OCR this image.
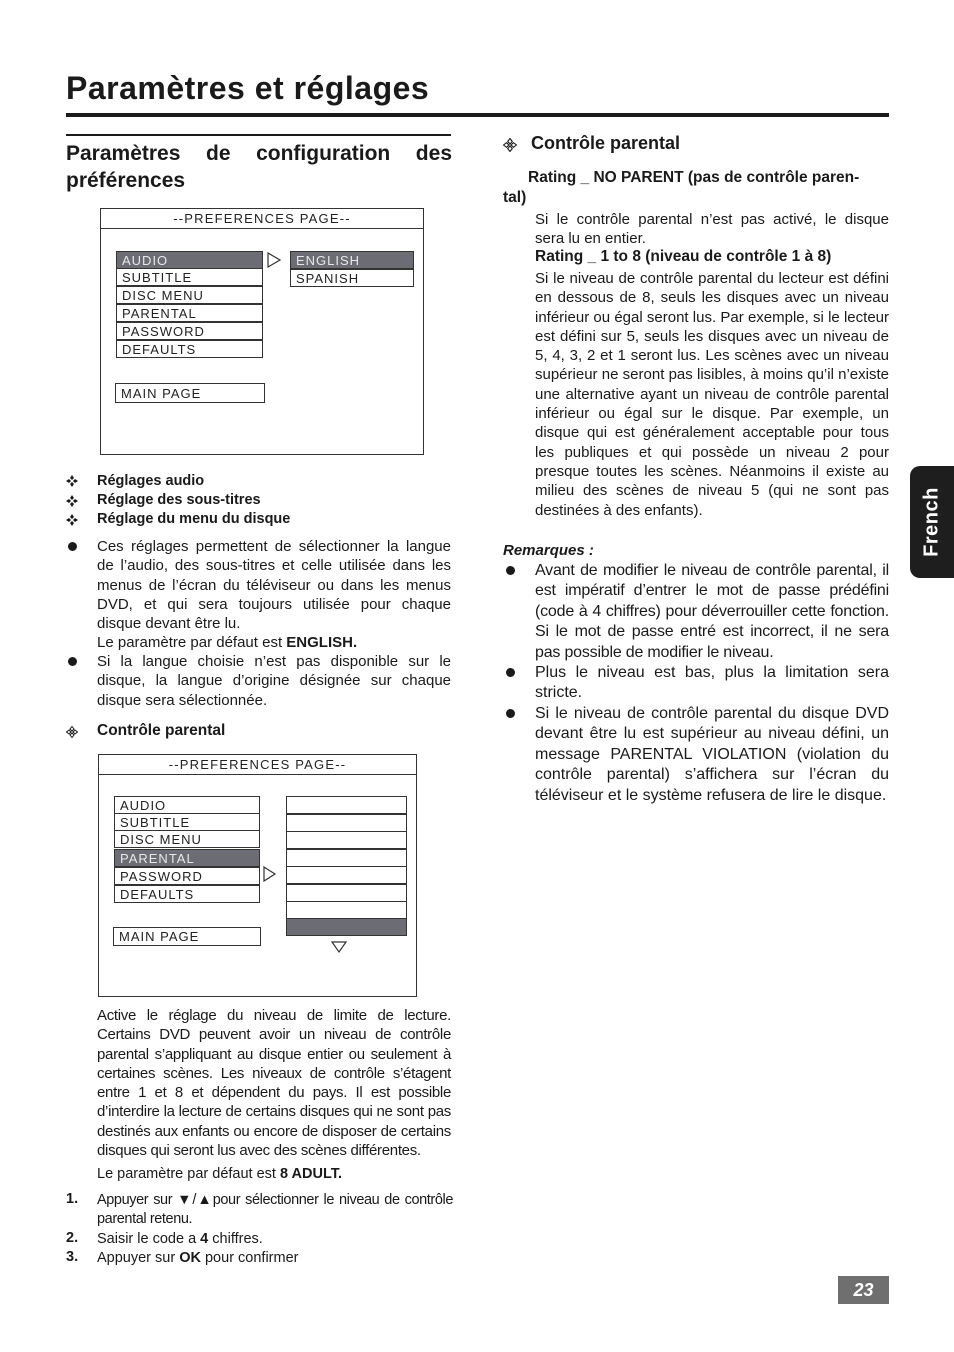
Paramètres et réglages
Paramètres de configuration des préférences
--PREFERENCES PAGE--
AUDIO
SUBTITLE
DISC MENU
PARENTAL
PASSWORD
DEFAULTS
ENGLISH
SPANISH
MAIN PAGE
Réglages audio
Réglage des sous-titres
Réglage du menu du disque
Ces réglages permettent de sélectionner la langue de l’audio, des sous-titres et celle utilisée dans les menus de l’écran du téléviseur ou dans les menus DVD, et qui sera toujours utilisée pour chaque disque devant être lu.
Le paramètre par défaut est ENGLISH.
Si la langue choisie n’est pas disponible sur le disque, la langue d’origine désignée sur chaque disque sera sélectionnée.
Contrôle parental
--PREFERENCES PAGE--
AUDIO
SUBTITLE
DISC MENU
PARENTAL
PASSWORD
DEFAULTS
MAIN PAGE
Active le réglage du niveau de limite de lecture. Certains DVD peuvent avoir un niveau de contrôle parental s’appliquant au disque entier ou seulement à certaines scènes. Les niveaux de contrôle s’étagent entre 1 et 8 et dépendent du pays. Il est possible d’interdire la lecture de certains disques qui ne sont pas destinés aux enfants ou encore de disposer de certains disques qui seront lus avec des scènes différentes.
Le paramètre par défaut est 8 ADULT.
1. Appuyer sur ▼/▲pour sélectionner le niveau de contrôle parental retenu.
2. Saisir le code a 4 chiffres.
3. Appuyer sur OK pour confirmer
Contrôle parental
Rating _ NO PARENT (pas de contrôle paren-
tal)
Si le contrôle parental n’est pas activé, le disque sera lu en entier.
Rating _ 1 to 8 (niveau de contrôle 1 à 8)
Si le niveau de contrôle parental du lecteur est défini en dessous de 8, seuls les disques avec un niveau inférieur ou égal seront lus. Par exemple, si le lecteur est défini sur 5, seuls les disques avec un niveau de 5, 4, 3, 2 et 1 seront lus. Les scènes avec un niveau supérieur ne seront pas lisibles, à moins qu’il n’existe une alternative ayant un niveau de contrôle parental inférieur ou égal sur le disque. Par exemple, un disque qui est généralement acceptable pour tous les publiques et qui possède un niveau 2 pour presque toutes les scènes. Néanmoins il existe au milieu des scènes de niveau 5 (qui ne sont pas destinées à des enfants).
Remarques :
Avant de modifier le niveau de contrôle parental, il est impératif d’entrer le mot de passe prédéfini (code à 4 chiffres) pour déverrouiller cette fonction. Si le mot de passe entré est incorrect, il ne sera pas possible de modifier le niveau.
Plus le niveau est bas, plus la limitation sera stricte.
Si le niveau de contrôle parental du disque DVD devant être lu est supérieur au niveau défini, un message PARENTAL VIOLATION (violation du contrôle parental) s’affichera sur l’écran du téléviseur et le système refusera de lire le disque.
French
23
